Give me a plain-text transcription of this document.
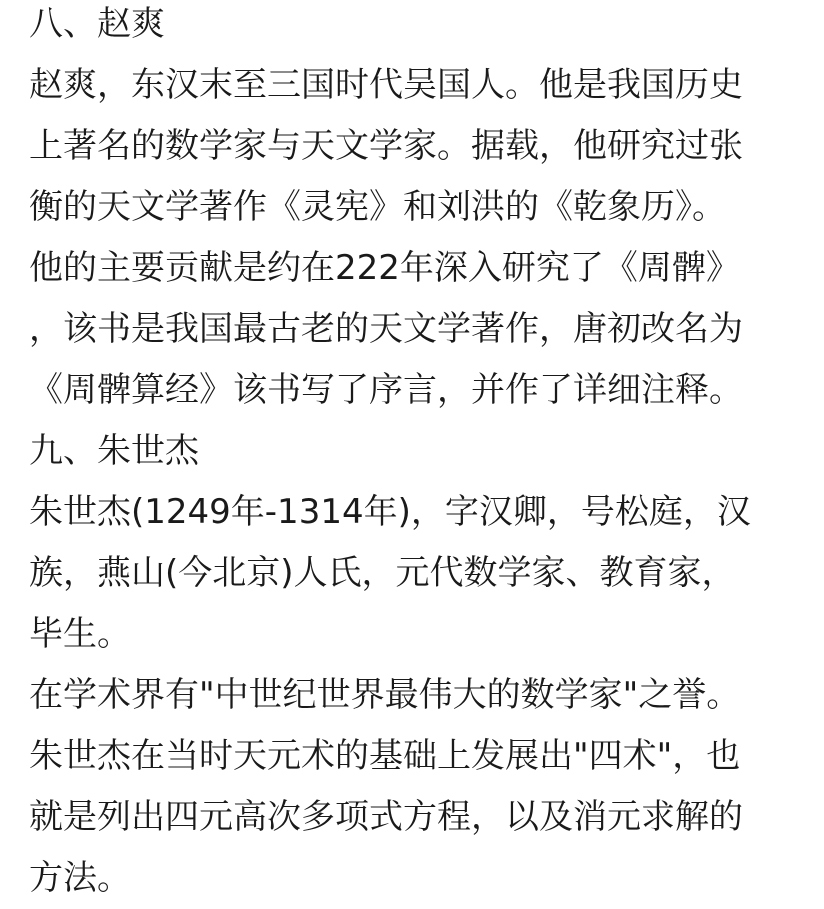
八、赵爽
赵爽，东汉末至三国时代吴国人。他是我国历史
上著名的数学家与天文学家。据载，他研究过张
衡的天文学著作《灵宪》和刘洪的《乾象历》。
他的主要贡献是约在222年深入研究了《周髀》
，该书是我国最古老的天文学著作，唐初改名为
《周髀算经》该书写了序言，并作了详细注释。
九、朱世杰
朱世杰(1249年-1314年)，字汉卿，号松庭，汉
族，燕山(今北京)人氏，元代数学家、教育家，
毕生。
在学术界有"中世纪世界最伟大的数学家"之誉。
朱世杰在当时天元术的基础上发展出"四术"，也
就是列出四元高次多项式方程，以及消元求解的
方法。
